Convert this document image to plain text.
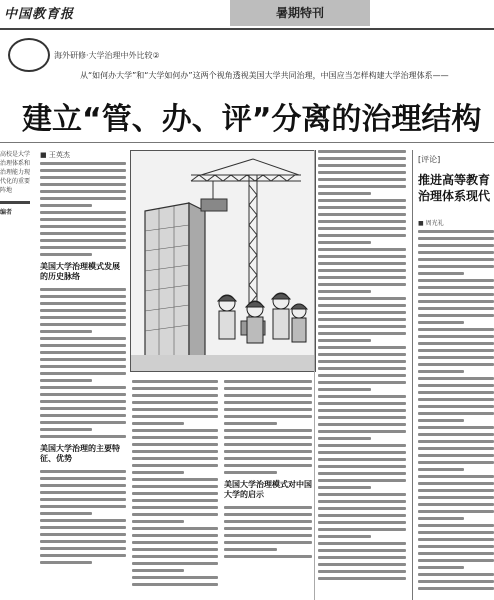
中国教育报	暑期特刊
海外研修·大学治理中外比较②
从“如何办大学”和“大学如何办”这两个视角透视美国大学共同治理，中国应当怎样构建大学治理体系——
建立“管、办、评”分离的治理结构
高校是大学治理体系和治理能力现代化的重要阵地
编者
■ 王英杰
美国大学治理模式发展的历史脉络
美国大学治理的主要特征、优势
美国大学治理模式对中国大学的启示
[评论]
推进高等教育
治理体系现代
■ 周光礼
